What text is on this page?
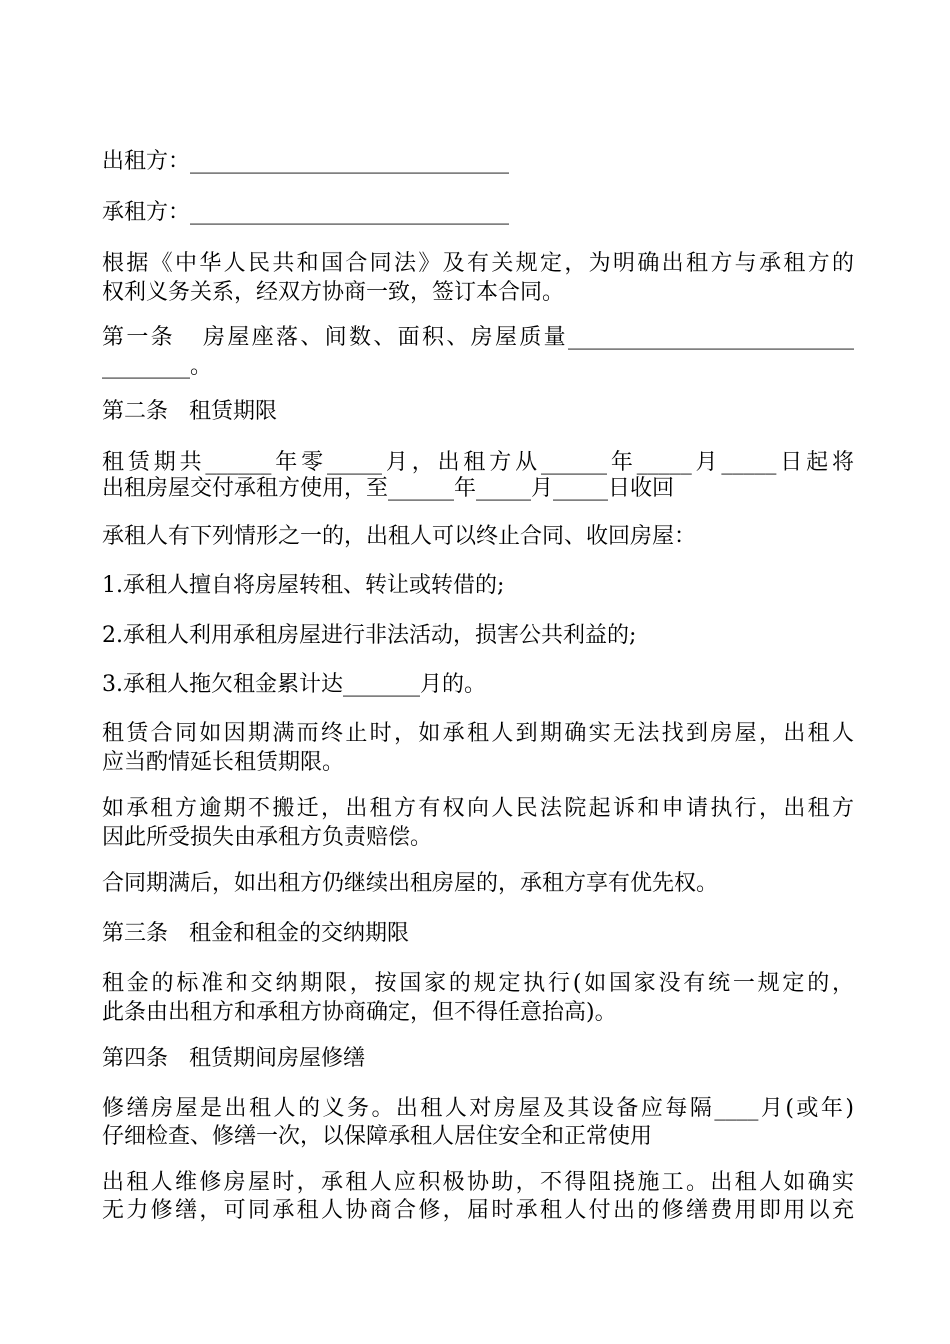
出租方：_____________________________

承租方：_____________________________

根据《中华人民共和国合同法》及有关规定，为明确出租方与承租方的

权利义务关系，经双方协商一致，签订本合同。

第一条   房屋座落、间数、面积、房屋质量__________________________

________。

第二条   租赁期限

租赁期共______年零_____月，出租方从______年_____月_____日起将

出租房屋交付承租方使用，至______年_____月_____日收回

承租人有下列情形之一的，出租人可以终止合同、收回房屋：

1.承租人擅自将房屋转租、转让或转借的;

2.承租人利用承租房屋进行非法活动，损害公共利益的;

3.承租人拖欠租金累计达_______月的。

租赁合同如因期满而终止时，如承租人到期确实无法找到房屋，出租人

应当酌情延长租赁期限。

如承租方逾期不搬迁，出租方有权向人民法院起诉和申请执行，出租方

因此所受损失由承租方负责赔偿。

合同期满后，如出租方仍继续出租房屋的，承租方享有优先权。

第三条   租金和租金的交纳期限

租金的标准和交纳期限，按国家的规定执行(如国家没有统一规定的，

此条由出租方和承租方协商确定，但不得任意抬高)。

第四条   租赁期间房屋修缮

修缮房屋是出租人的义务。出租人对房屋及其设备应每隔____月(或年)

仔细检查、修缮一次，以保障承租人居住安全和正常使用

出租人维修房屋时，承租人应积极协助，不得阻挠施工。出租人如确实

无力修缮，可同承租人协商合修，届时承租人付出的修缮费用即用以充
